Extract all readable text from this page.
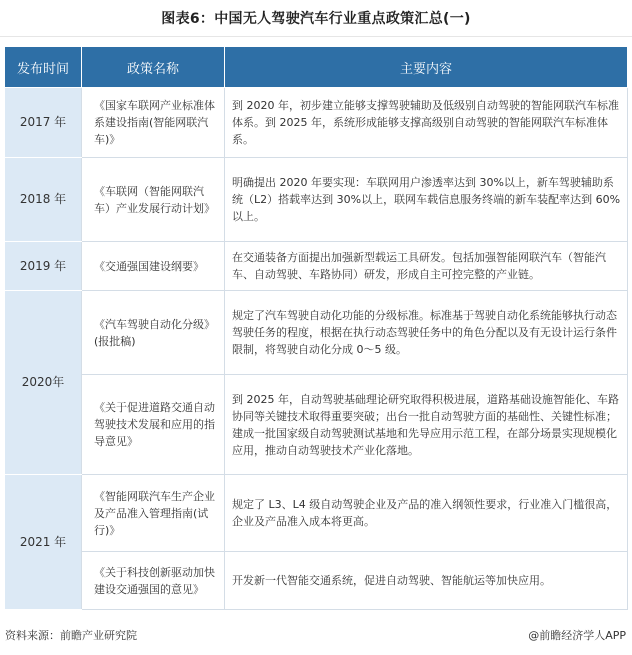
图表6：中国无人驾驶汽车行业重点政策汇总(一)
发布时间	政策名称	主要内容
2017 年	《国家车联网产业标准体系建设指南(智能网联汽车)》	到 2020 年，初步建立能够支撑驾驶辅助及低级别自动驾驶的智能网联汽车标准体系。到 2025 年，系统形成能够支撑高级别自动驾驶的智能网联汽车标准体系。
2018 年	《车联网（智能网联汽车）产业发展行动计划》	明确提出 2020 年要实现：车联网用户渗透率达到 30%以上，新车驾驶辅助系统（L2）搭载率达到 30%以上，联网车载信息服务终端的新车装配率达到 60%以上。
2019 年	《交通强国建设纲要》	在交通装备方面提出加强新型载运工具研发。包括加强智能网联汽车（智能汽车、自动驾驶、车路协同）研发，形成自主可控完整的产业链。
2020年	《汽车驾驶自动化分级》(报批稿)	规定了汽车驾驶自动化功能的分级标准。标准基于驾驶自动化系统能够执行动态驾驶任务的程度，根据在执行动态驾驶任务中的角色分配以及有无设计运行条件限制，将驾驶自动化分成 0～5 级。
	《关于促进道路交通自动驾驶技术发展和应用的指导意见》	到 2025 年，自动驾驶基础理论研究取得积极进展，道路基础设施智能化、车路协同等关键技术取得重要突破；出台一批自动驾驶方面的基础性、关键性标准；建成一批国家级自动驾驶测试基地和先导应用示范工程，在部分场景实现规模化应用，推动自动驾驶技术产业化落地。
2021 年	《智能网联汽车生产企业及产品准入管理指南(试行)》	规定了 L3、L4 级自动驾驶企业及产品的准入纲领性要求，行业准入门槛很高，企业及产品准入成本将更高。
	《关于科技创新驱动加快建设交通强国的意见》	开发新一代智能交通系统，促进自动驾驶、智能航运等加快应用。
资料来源：前瞻产业研究院	@前瞻经济学人APP
